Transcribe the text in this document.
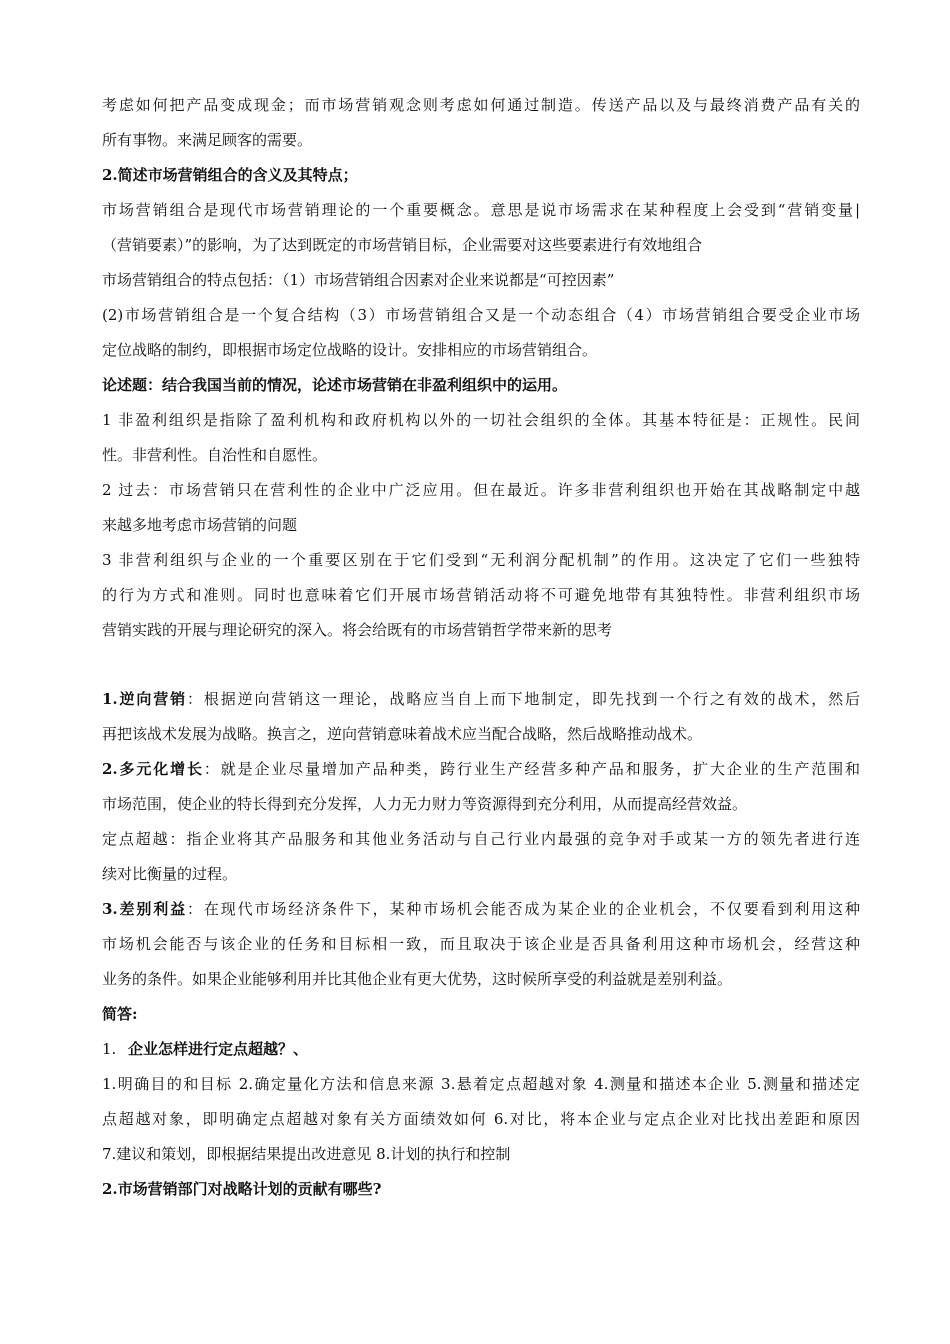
考虑如何把产品变成现金；而市场营销观念则考虑如何通过制造。传送产品以及与最终消费产品有关的
所有事物。来满足顾客的需要。
2.简述市场营销组合的含义及其特点；
市场营销组合是现代市场营销理论的一个重要概念。意思是说市场需求在某种程度上会受到“营销变量|
（营销要素）”的影响，为了达到既定的市场营销目标，企业需要对这些要素进行有效地组合
市场营销组合的特点包括：（1）市场营销组合因素对企业来说都是“可控因素”
(2)市场营销组合是一个复合结构（3）市场营销组合又是一个动态组合（4）市场营销组合要受企业市场
定位战略的制约，即根据市场定位战略的设计。安排相应的市场营销组合。
论述题：结合我国当前的情况，论述市场营销在非盈利组织中的运用。
1 非盈利组织是指除了盈利机构和政府机构以外的一切社会组织的全体。其基本特征是：正规性。民间
性。非营利性。自治性和自愿性。
2 过去：市场营销只在营利性的企业中广泛应用。但在最近。许多非营利组织也开始在其战略制定中越
来越多地考虑市场营销的问题
3 非营利组织与企业的一个重要区别在于它们受到“无利润分配机制”的作用。这决定了它们一些独特
的行为方式和准则。同时也意味着它们开展市场营销活动将不可避免地带有其独特性。非营利组织市场
营销实践的开展与理论研究的深入。将会给既有的市场营销哲学带来新的思考
1.逆向营销：根据逆向营销这一理论，战略应当自上而下地制定，即先找到一个行之有效的战术，然后
再把该战术发展为战略。换言之，逆向营销意味着战术应当配合战略，然后战略推动战术。
2.多元化增长：就是企业尽量增加产品种类，跨行业生产经营多种产品和服务，扩大企业的生产范围和
市场范围，使企业的特长得到充分发挥，人力无力财力等资源得到充分利用，从而提高经营效益。
定点超越：指企业将其产品服务和其他业务活动与自己行业内最强的竞争对手或某一方的领先者进行连
续对比衡量的过程。
3.差别利益：在现代市场经济条件下，某种市场机会能否成为某企业的企业机会，不仅要看到利用这种
市场机会能否与该企业的任务和目标相一致，而且取决于该企业是否具备利用这种市场机会，经营这种
业务的条件。如果企业能够利用并比其他企业有更大优势，这时候所享受的利益就是差别利益。
简答:
1. 企业怎样进行定点超越？、
1.明确目的和目标 2.确定量化方法和信息来源 3.悬着定点超越对象 4.测量和描述本企业 5.测量和描述定
点超越对象，即明确定点超越对象有关方面绩效如何 6.对比，将本企业与定点企业对比找出差距和原因
7.建议和策划，即根据结果提出改进意见 8.计划的执行和控制
2.市场营销部门对战略计划的贡献有哪些?
